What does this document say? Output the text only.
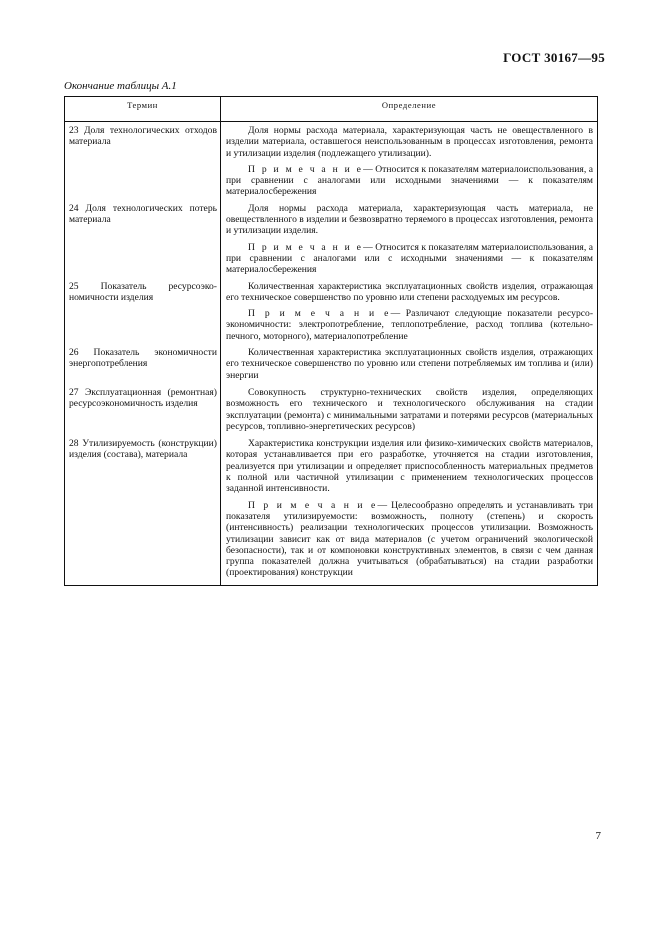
ГОСТ 30167—95
Окончание таблицы А.1
Термин	Определение

23 Доля технологических отходов материала	Доля нормы расхода материала, характеризующая часть не овеществленного в изделии материала, оставшегося неиспользованным в процессах изготовления, ремонта и утилизации изделия (подлежащего утилизации).

П р и м е ч а н и е— Относится к показателям материалоиспользования, а при сравнении с аналогами или исходными значениями — к показателям материалосбережения

24 Доля технологических потерь материала	Доля нормы расхода материала, характеризующая часть материала, не овеществленного в изделии и безвозвратно теряемого в процессах изготовления, ремонта и утилизации изделия.

П р и м е ч а н и е— Относится к показателям материалоиспользования, а при сравнении с аналогами или с исходными значениями — к показателям материалосбережения

25 Показатель ресурсоэкономичности изделия	Количественная характеристика эксплуатационных свойств изделия, отражающая его техническое совершенство по уровню или степени расходуемых им ресурсов.

П р и м е ч а н и е— Различают следующие показатели ресурсоэкономичности: электропотребление, теплопотребление, расход топлива (котельно-печного, моторного), материалопотребление

26 Показатель экономичности энергопотребления	Количественная характеристика эксплуатационных свойств изделия, отражающих его техническое совершенство по уровню или степени потребляемых им топлива и (или) энергии

27 Эксплуатационная (ремонтная) ресурсоэкономичность изделия	Совокупность структурно-технических свойств изделия, определяющих возможность его технического и технологического обслуживания на стадии эксплуатации (ремонта) с минимальными затратами и потерями ресурсов (материальных ресурсов, топливно-энергетических ресурсов)

28 Утилизируемость (конструкции) изделия (состава), материала	Характеристика конструкции изделия или физико-химических свойств материалов, которая устанавливается при его разработке, уточняется на стадии изготовления, реализуется при утилизации и определяет приспособленность материальных предметов к полной или частичной утилизации с применением технологических процессов заданной интенсивности.

П р и м е ч а н и е— Целесообразно определять и устанавливать три показателя утилизируемости: возможность, полноту (степень) и скорость (интенсивность) реализации технологических процессов утилизации. Возможность утилизации зависит как от вида материалов (с учетом ограничений экологической безопасности), так и от компоновки конструктивных элементов, в связи с чем данная группа показателей должна учитываться (обрабатываться) на стадии разработки (проектирования) конструкции

7
